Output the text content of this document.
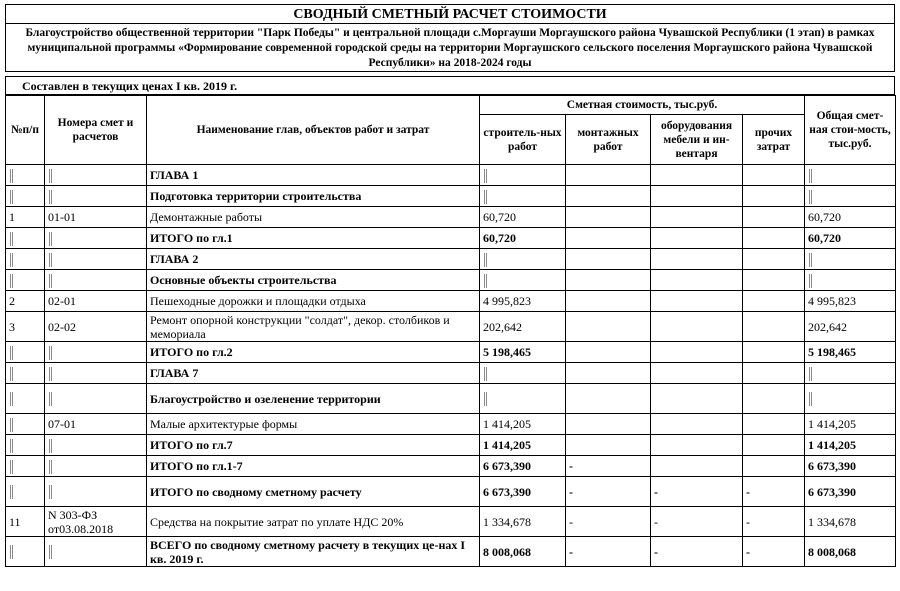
СВОДНЫЙ СМЕТНЫЙ РАСЧЕТ СТОИМОСТИ
Благоустройство общественной территории "Парк Победы" и центральной площади с.Моргауши Моргаушского района Чувашской Республики (1 этап) в рамках муниципальной программы «Формирование современной городской среды на территории Моргаушского сельского поселения Моргаушского района Чувашской Республики» на 2018-2024 годы
Составлен в текущих ценах I кв. 2019 г.
№п/п	Номера смет и расчетов	Наименование глав, объектов работ и затрат	Сметная стоимость, тыс.руб.				Общая смет-ная стои-мость, тыс.руб.
			строитель-ных работ	монтажных работ	оборудования мебели и ин-вентаря	прочих затрат	
		ГЛАВА 1					
		Подготовка территории строительства					
1	01-01	Демонтажные работы	60,720				60,720
		ИТОГО по гл.1	60,720				60,720
		ГЛАВА 2					
		Основные объекты строительства					
2	02-01	Пешеходные дорожки и площадки отдыха	4 995,823				4 995,823
3	02-02	Ремонт опорной конструкции "солдат", декор. столбиков и мемориала	202,642				202,642
		ИТОГО по гл.2	5 198,465				5 198,465
		ГЛАВА 7					
		Благоустройство и озеленение территории					
	07-01	Малые архитектурые формы	1 414,205				1 414,205
		ИТОГО по гл.7	1 414,205				1 414,205
		ИТОГО по гл.1-7	6 673,390	-			6 673,390
		ИТОГО по сводному сметному расчету	6 673,390	-	-	-	6 673,390
11	N 303-ФЗ от03.08.2018	Средства на покрытие затрат по уплате НДС 20%	1 334,678	-	-	-	1 334,678
		ВСЕГО по сводному сметному расчету в текущих це-нах I кв. 2019 г.	8 008,068	-	-	-	8 008,068
